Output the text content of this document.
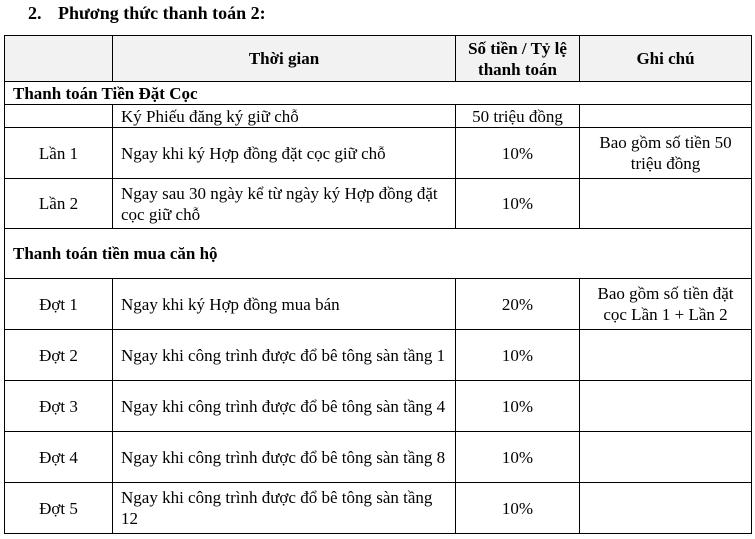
2. Phương thức thanh toán 2:
	Thời gian	Số tiền / Tỷ lệ thanh toán	Ghi chú
Thanh toán Tiền Đặt Cọc			
	Ký Phiếu đăng ký giữ chỗ	50 triệu đồng	
Lần 1	Ngay khi ký Hợp đồng đặt cọc giữ chỗ	10%	Bao gồm số tiền 50 triệu đồng
Lần 2	Ngay sau 30 ngày kể từ ngày ký Hợp đồng đặt cọc giữ chỗ	10%	
Thanh toán tiền mua căn hộ			
Đợt 1	Ngay khi ký Hợp đồng mua bán	20%	Bao gồm số tiền đặt cọc Lần 1 + Lần 2
Đợt 2	Ngay khi công trình được đổ bê tông sàn tầng 1	10%	
Đợt 3	Ngay khi công trình được đổ bê tông sàn tầng 4	10%	
Đợt 4	Ngay khi công trình được đổ bê tông sàn tầng 8	10%	
Đợt 5	Ngay khi công trình được đổ bê tông sàn tầng 12	10%	
